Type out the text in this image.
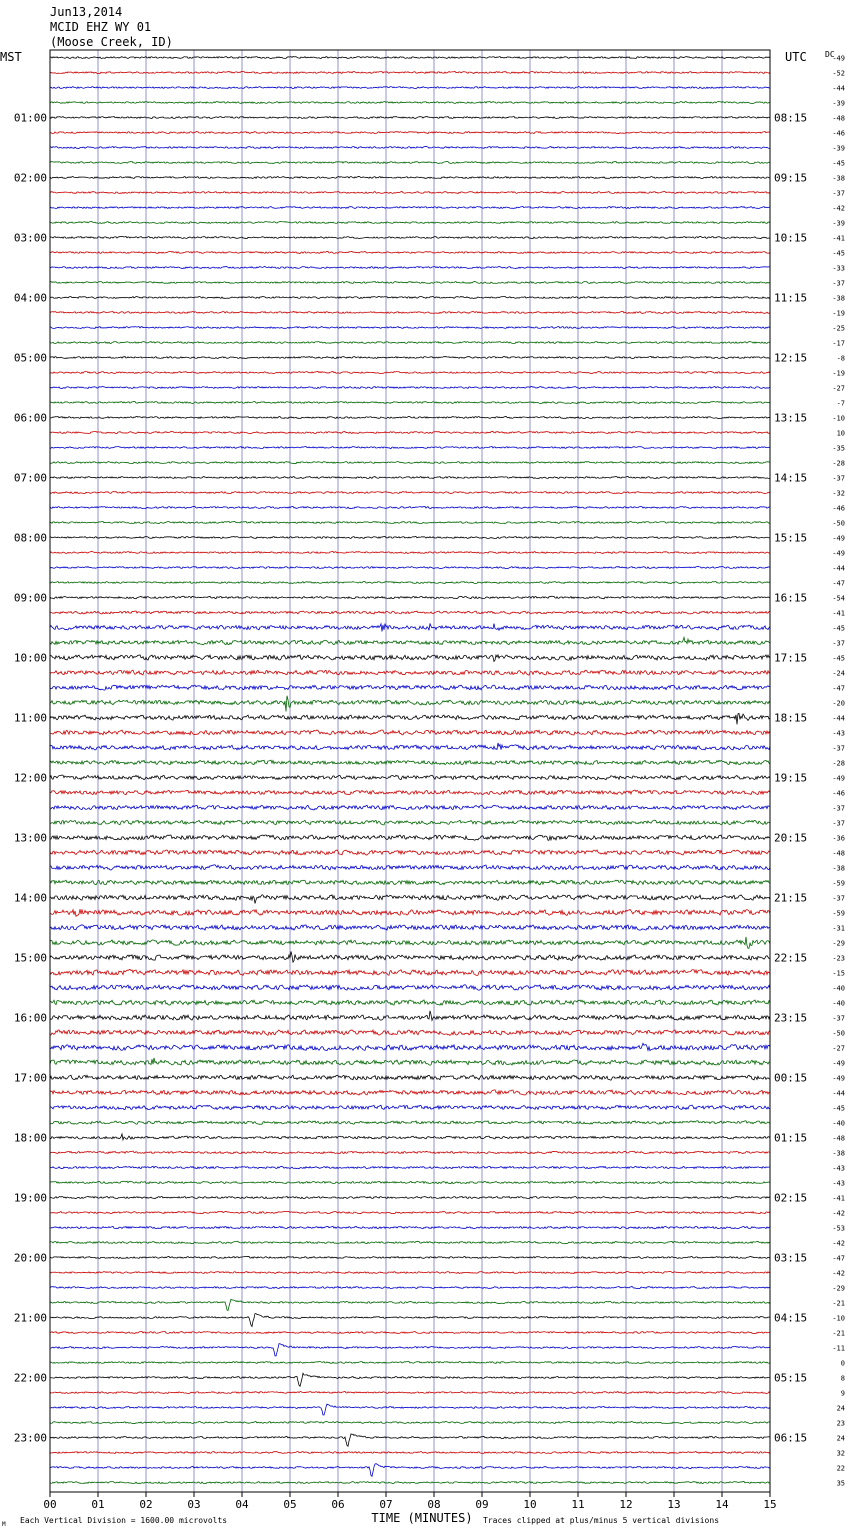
Jun13,2014
MCID EHZ WY 01
(Moose Creek, ID)
MST	UTC DC
01:00
02:00
03:00
04:00
05:00
06:00
07:00
08:00
09:00
10:00
11:00
12:00
13:00
14:00
15:00
16:00
17:00
18:00
19:00
20:00
21:00
22:00
23:00
08:15
09:15
10:15
11:15
12:15
13:15
14:15
15:15
16:15
17:15
18:15
19:15
20:15
21:15
22:15
23:15
00:15
01:15
02:15
03:15
04:15
05:15
06:15
-49
-52
-44
-39
-48
-46
-39
-45
-38
-37
-42
-39
-41
-45
-33
-37
-38
-19
-25
-17
-8
-19
-27
-7
-10
10
-35
-28
-37
-32
-46
-50
-49
-49
-44
-47
-54
-41
-45
-37
-45
-24
-47
-20
-44
-43
-37
-28
-49
-46
-37
-37
-36
-48
-38
-59
-37
-59
-31
-29
-23
-15
-40
-40
-37
-50
-27
-49
-49
-44
-45
-40
-48
-38
-43
-43
-41
-42
-53
-42
-47
-42
-29
-21
-10
-21
-11
0
8
9
24
23
24
32
22
35
00	01	02	03	04	05	06	07	08	09	10	11	12	13	14	15
TIME (MINUTES)
Each Vertical Division = 1600.00 microvolts	Traces clipped at plus/minus 5 vertical divisions
M
